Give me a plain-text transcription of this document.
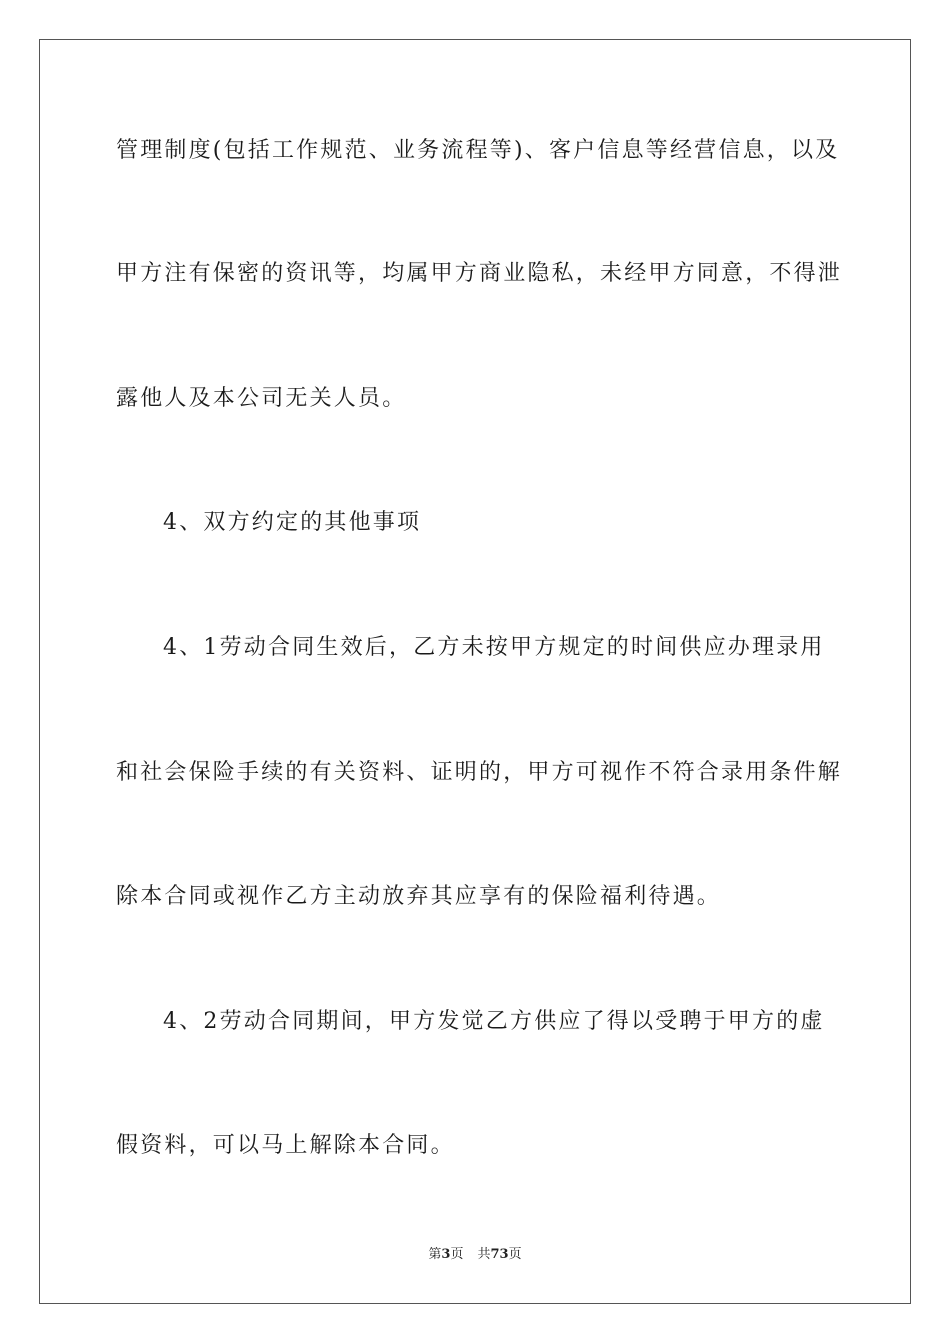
管理制度(包括工作规范、业务流程等)、客户信息等经营信息，以及
甲方注有保密的资讯等，均属甲方商业隐私，未经甲方同意，不得泄
露他人及本公司无关人员。
4、双方约定的其他事项
4、1劳动合同生效后，乙方未按甲方规定的时间供应办理录用
和社会保险手续的有关资料、证明的，甲方可视作不符合录用条件解
除本合同或视作乙方主动放弃其应享有的保险福利待遇。
4、2劳动合同期间，甲方发觉乙方供应了得以受聘于甲方的虚
假资料，可以马上解除本合同。
第3页 共73页
